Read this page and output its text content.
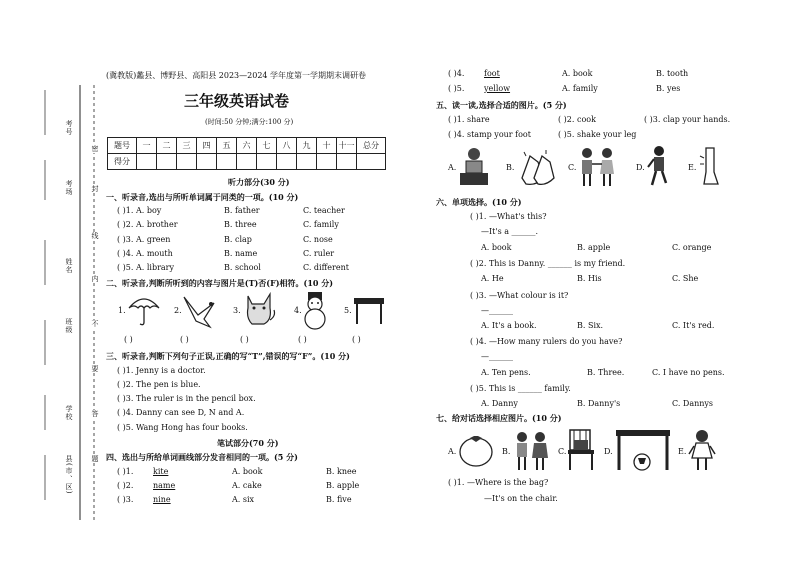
考号
考场
姓名
班级
学校
县(市、区)
密
封
线
内
不
要
答
题
(冀教版)蠡县、博野县、高阳县 2023—2024 学年度第一学期期末调研卷
三年级英语试卷
(时间:50 分钟;满分:100 分)
题号	一	二	三	四	五	六	七	八	九	十	十一	总分
得分												
听力部分(30 分)
一、听录音,选出与所听单词属于同类的一项。(10 分)
( )1. A. boy	B. father	C. teacher
( )2. A. brother	B. three	C. family
( )3. A. green	B. clap	C. nose
( )4. A. mouth	B. name	C. ruler
( )5. A. library	B. school	C. different
二、听录音,判断所听到的内容与图片是(T)否(F)相符。(10 分)
1.	2.	3.	4.	5.
( )	( )	( )	( )	( )
三、听录音,判断下列句子正误,正确的写“T”,错误的写“F”。(10 分)
( )1. Jenny is a doctor.
( )2. The pen is blue.
( )3. The ruler is in the pencil box.
( )4. Danny can see D, N and A.
( )5. Wang Hong has four books.
笔试部分(70 分)
四、选出与所给单词画线部分发音相同的一项。(5 分)
( )1. kite	A. book	B. knee
( )2. name	A. cake	B. apple
( )3. nine	A. six	B. five
( )4. foot	A. book	B. tooth
( )5. yellow	A. family	B. yes
五、读一读,选择合适的图片。(5 分)
( )1. share	( )2. cook	( )3. clap your hands.
( )4. stamp your foot	( )5. shake your leg
A.	B.	C.	D.	E.
六、单项选择。(10 分)
( )1. —What's this?
—It's a ______.
A. book	B. apple	C. orange
( )2. This is Danny. ______ is my friend.
A. He	B. His	C. She
( )3. —What colour is it?
—______
A. It's a book.	B. Six.	C. It's red.
( )4. —How many rulers do you have?
—______
A. Ten pens.	B. Three.	C. I have no pens.
( )5. This is ______ family.
A. Danny	B. Danny's	C. Dannys
七、给对话选择相应图片。(10 分)
A.	B.	C.	D.	E.
( )1. —Where is the bag?
—It's on the chair.
